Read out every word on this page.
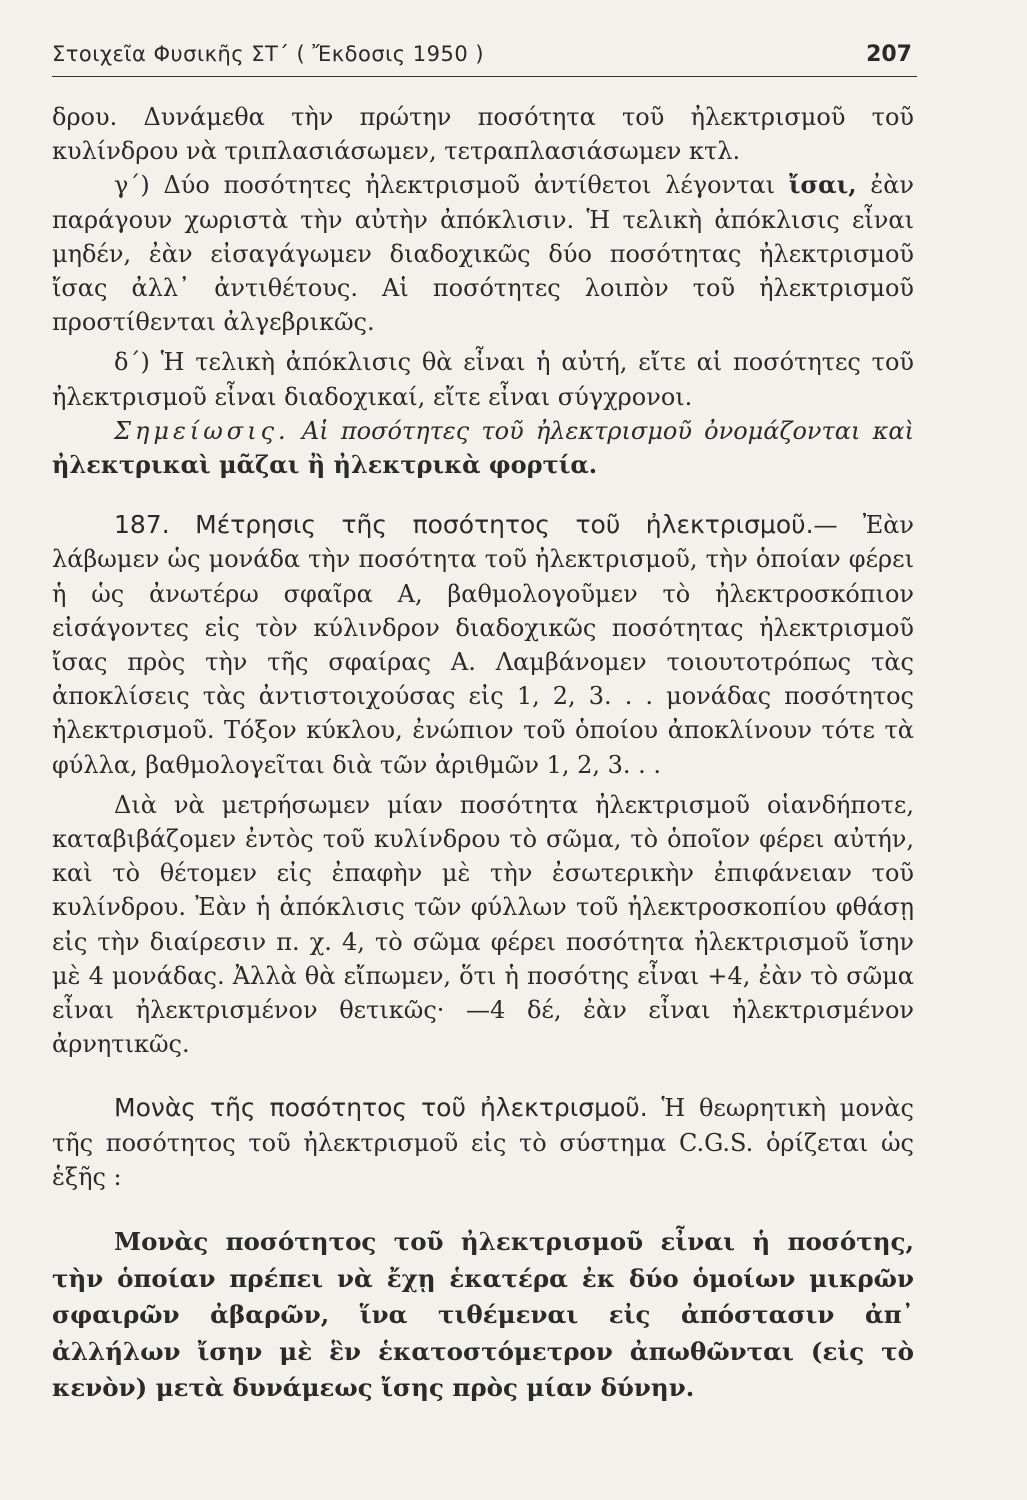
Στοιχεῖα Φυσικῆς ΣΤ΄ ( Ἔκδοσις 1950 )	207

δρου. Δυνάμεθα τὴν πρώτην ποσότητα τοῦ ἠλεκτρισμοῦ τοῦ κυλίνδρου νὰ τριπλασιάσωμεν, τετραπλασιάσωμεν κτλ.

γ΄) Δύο ποσότητες ἠλεκτρισμοῦ ἀντίθετοι λέγονται ἴσαι, ἐὰν παράγουν χωριστὰ τὴν αὐτὴν ἀπόκλισιν. Ἡ τελικὴ ἀπόκλισις εἶναι μηδέν, ἐὰν εἰσαγάγωμεν διαδοχικῶς δύο ποσότητας ἠλεκτρισμοῦ ἴσας ἀλλ᾿ ἀντιθέτους. Αἱ ποσότητες λοιπὸν τοῦ ἠλεκτρισμοῦ προστίθενται ἀλγεβρικῶς.

δ΄) Ἡ τελικὴ ἀπόκλισις θὰ εἶναι ἡ αὐτή, εἴτε αἱ ποσότητες τοῦ ἠλεκτρισμοῦ εἶναι διαδοχικαί, εἴτε εἶναι σύγχρονοι.

Σημείωσις. Αἱ ποσότητες τοῦ ἠλεκτρισμοῦ ὀνομάζονται καὶ ἠλεκτρικαὶ μᾶζαι ἢ ἠλεκτρικὰ φορτία.

187. Μέτρησις τῆς ποσότητος τοῦ ἠλεκτρισμοῦ.— Ἐὰν λάβωμεν ὡς μονάδα τὴν ποσότητα τοῦ ἠλεκτρισμοῦ, τὴν ὁποίαν φέρει ἡ ὡς ἀνωτέρω σφαῖρα Α, βαθμολογοῦμεν τὸ ἠλεκτροσκόπιον εἰσάγοντες εἰς τὸν κύλινδρον διαδοχικῶς ποσότητας ἠλεκτρισμοῦ ἴσας πρὸς τὴν τῆς σφαίρας Α. Λαμβάνομεν τοιουτοτρόπως τὰς ἀποκλίσεις τὰς ἀντιστοιχούσας εἰς 1, 2, 3. . . μονάδας ποσότητος ἠλεκτρισμοῦ. Τόξον κύκλου, ἐνώπιον τοῦ ὁποίου ἀποκλίνουν τότε τὰ φύλλα, βαθμολογεῖται διὰ τῶν ἀριθμῶν 1, 2, 3. . .

Διὰ νὰ μετρήσωμεν μίαν ποσότητα ἠλεκτρισμοῦ οἱανδήποτε, καταβιβάζομεν ἐντὸς τοῦ κυλίνδρου τὸ σῶμα, τὸ ὁποῖον φέρει αὐτήν, καὶ τὸ θέτομεν εἰς ἐπαφὴν μὲ τὴν ἐσωτερικὴν ἐπιφάνειαν τοῦ κυλίνδρου. Ἐὰν ἡ ἀπόκλισις τῶν φύλλων τοῦ ἠλεκτροσκοπίου φθάσῃ εἰς τὴν διαίρεσιν π. χ. 4, τὸ σῶμα φέρει ποσότητα ἠλεκτρισμοῦ ἴσην μὲ 4 μονάδας. Ἀλλὰ θὰ εἴπωμεν, ὅτι ἡ ποσότης εἶναι +4, ἐὰν τὸ σῶμα εἶναι ἠλεκτρισμένον θετικῶς· —4 δέ, ἐὰν εἶναι ἠλεκτρισμένον ἀρνητικῶς.

Μονὰς τῆς ποσότητος τοῦ ἠλεκτρισμοῦ. Ἡ θεωρητικὴ μονὰς τῆς ποσότητος τοῦ ἠλεκτρισμοῦ εἰς τὸ σύστημα C.G.S. ὁρίζεται ὡς ἑξῆς :

Μονὰς ποσότητος τοῦ ἠλεκτρισμοῦ εἶναι ἡ ποσότης, τὴν ὁποίαν πρέπει νὰ ἔχῃ ἑκατέρα ἐκ δύο ὁμοίων μικρῶν σφαιρῶν ἀβαρῶν, ἵνα τιθέμεναι εἰς ἀπόστασιν ἀπ᾿ ἀλλήλων ἴσην μὲ ἓν ἑκατοστόμετρον ἀπωθῶνται (εἰς τὸ κενὸν) μετὰ δυνάμεως ἴσης πρὸς μίαν δύνην.
